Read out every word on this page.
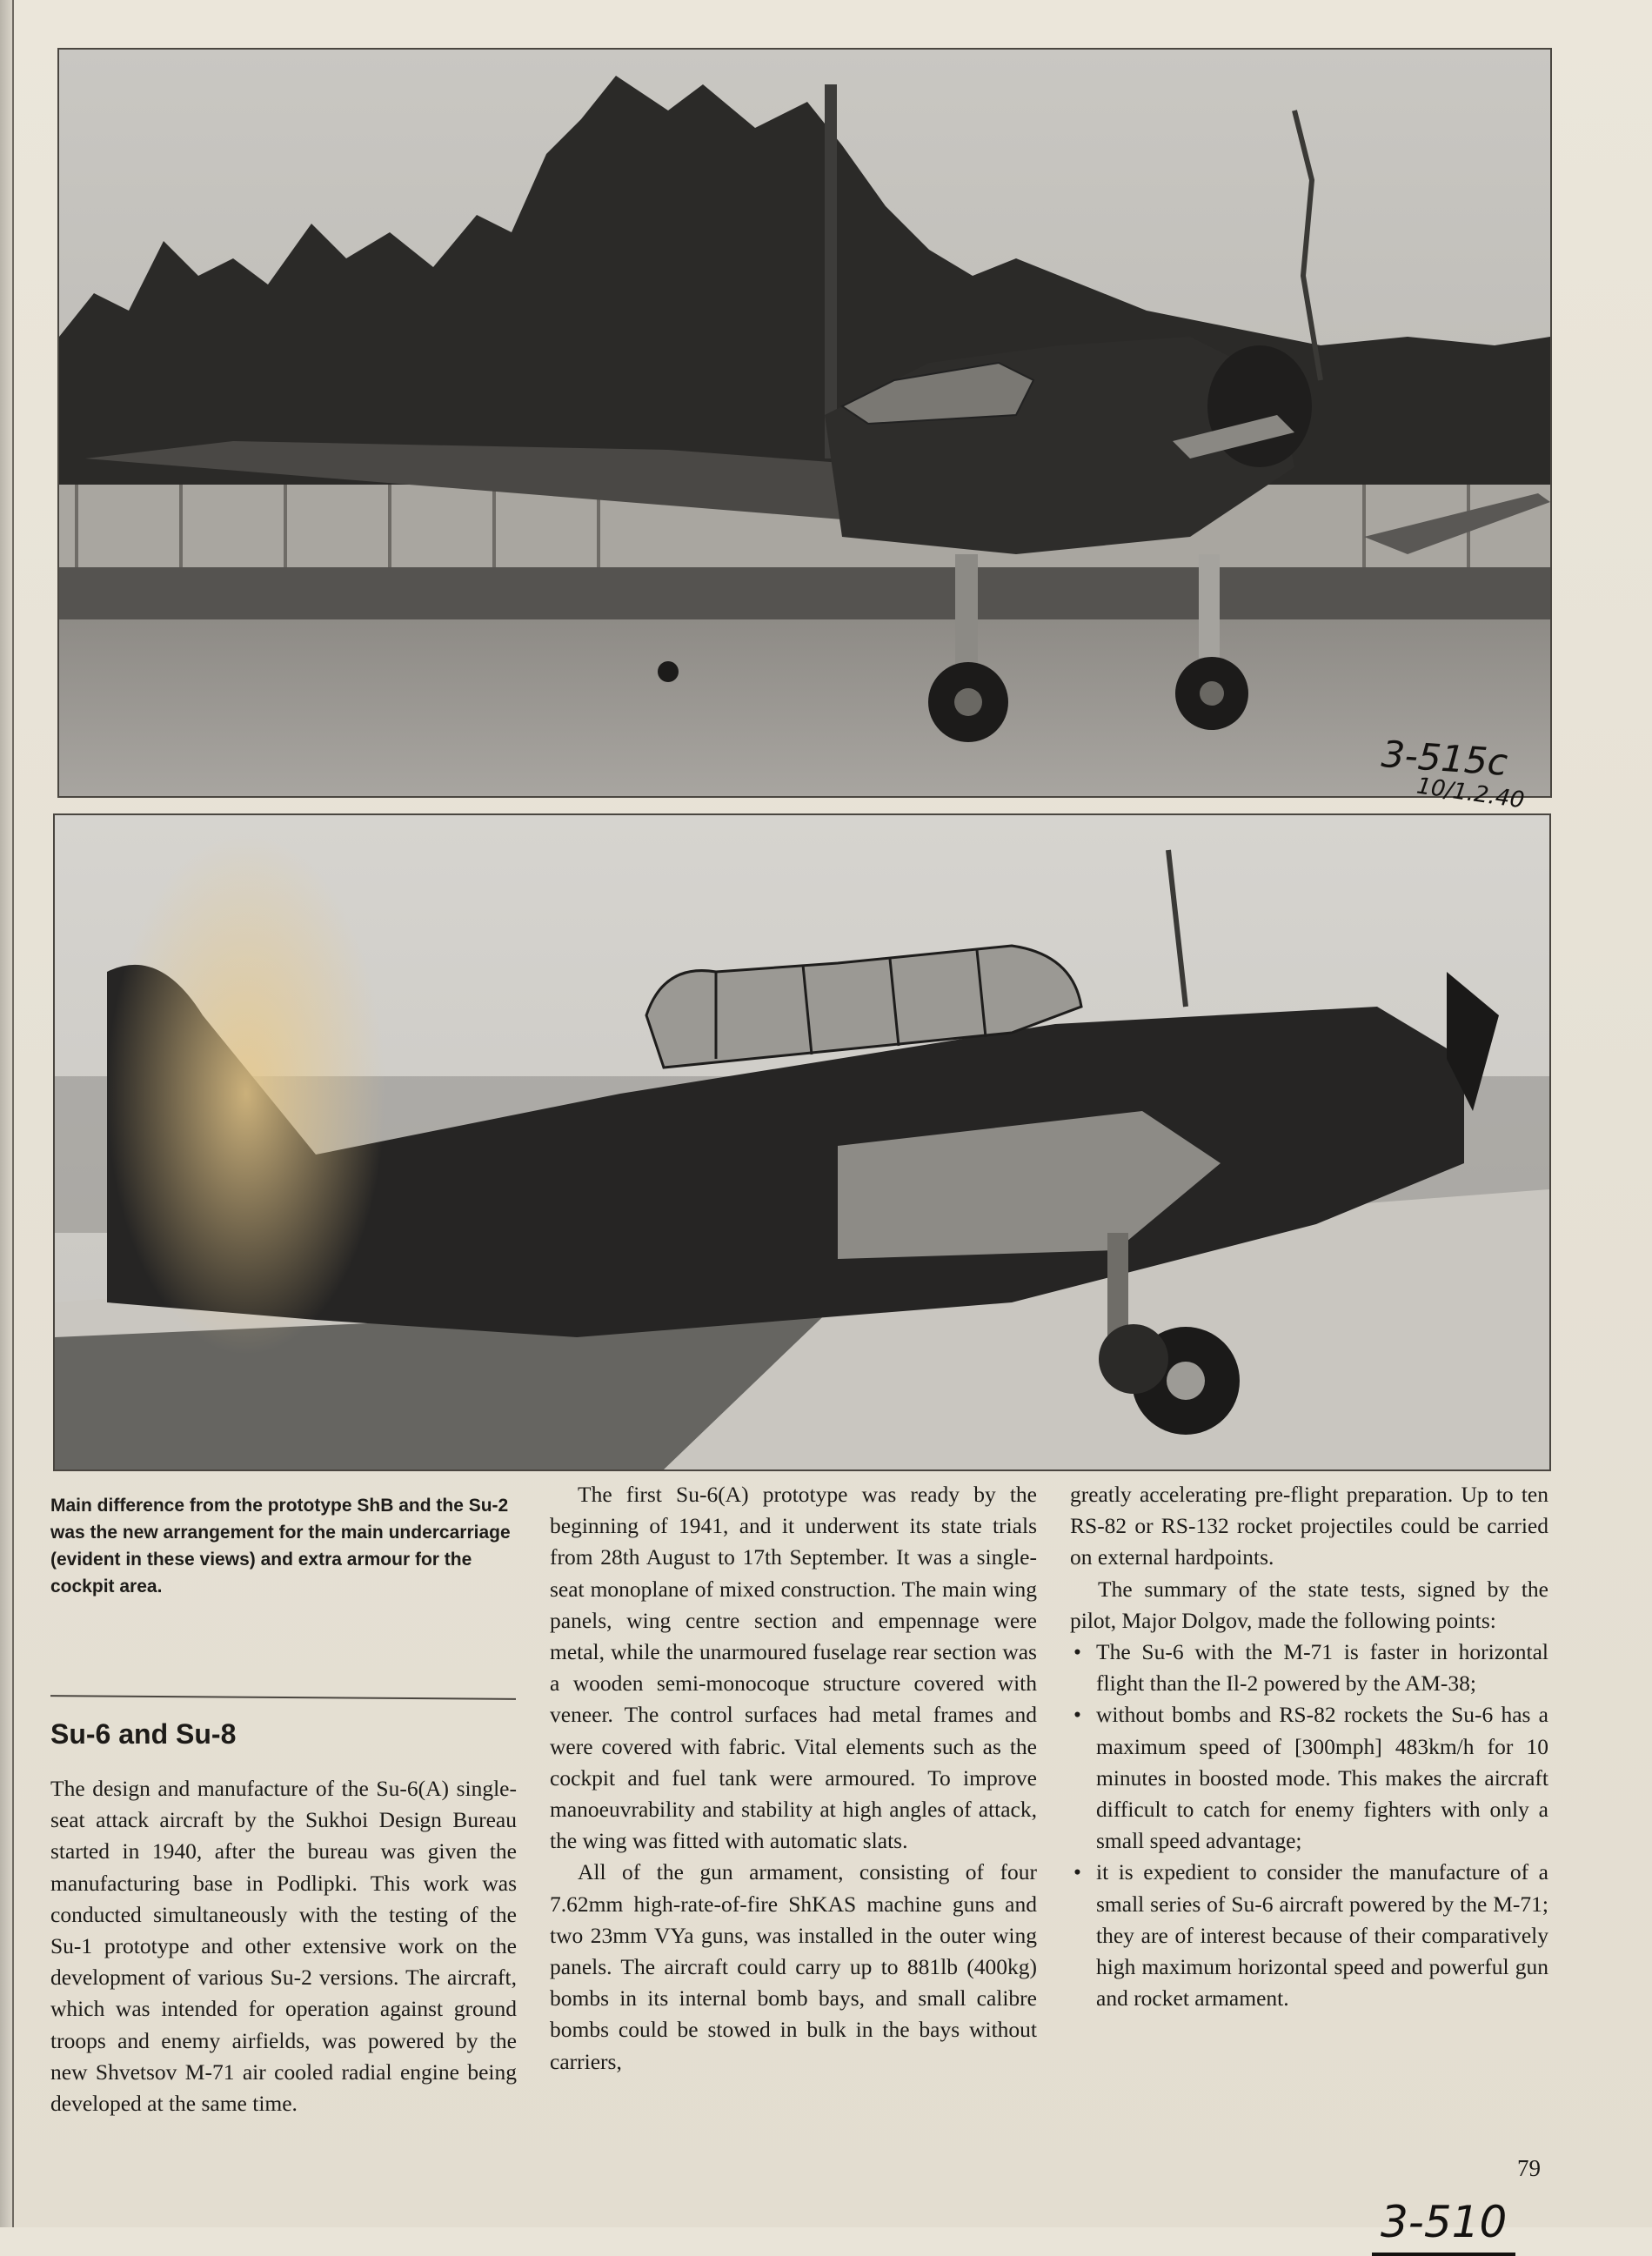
3-515c
10/1.2.40
3-510
Main difference from the prototype ShB and the Su-2 was the new arrangement for the main undercarriage (evident in these views) and extra armour for the cockpit area.
Su-6 and Su-8

The design and manufacture of the Su-6(A) single-seat attack aircraft by the Sukhoi Design Bureau started in 1940, after the bureau was given the manufacturing base in Podlipki. This work was conducted simultaneously with the testing of the Su-1 prototype and other extensive work on the development of various Su-2 versions. The aircraft, which was intended for operation against ground troops and enemy airfields, was powered by the new Shvetsov M-71 air cooled radial engine being developed at the same time.

The first Su-6(A) prototype was ready by the beginning of 1941, and it underwent its state trials from 28th August to 17th September. It was a single-seat monoplane of mixed construction. The main wing panels, wing centre section and empennage were metal, while the unarmoured fuselage rear section was a wooden semi-monocoque structure covered with veneer. The control surfaces had metal frames and were covered with fabric. Vital elements such as the cockpit and fuel tank were armoured. To improve manoeuvrability and stability at high angles of attack, the wing was fitted with automatic slats.

All of the gun armament, consisting of four 7.62mm high-rate-of-fire ShKAS machine guns and two 23mm VYa guns, was installed in the outer wing panels. The aircraft could carry up to 881lb (400kg) bombs in its internal bomb bays, and small calibre bombs could be stowed in bulk in the bays without carriers,

greatly accelerating pre-flight preparation. Up to ten RS-82 or RS-132 rocket projectiles could be carried on external hardpoints.

The summary of the state tests, signed by the pilot, Major Dolgov, made the following points:

• The Su-6 with the M-71 is faster in horizontal flight than the Il-2 powered by the AM-38;
• without bombs and RS-82 rockets the Su-6 has a maximum speed of [300mph] 483km/h for 10 minutes in boosted mode. This makes the aircraft difficult to catch for enemy fighters with only a small speed advantage;
• it is expedient to consider the manufacture of a small series of Su-6 aircraft powered by the M-71; they are of interest because of their comparatively high maximum horizontal speed and powerful gun and rocket armament.
79
